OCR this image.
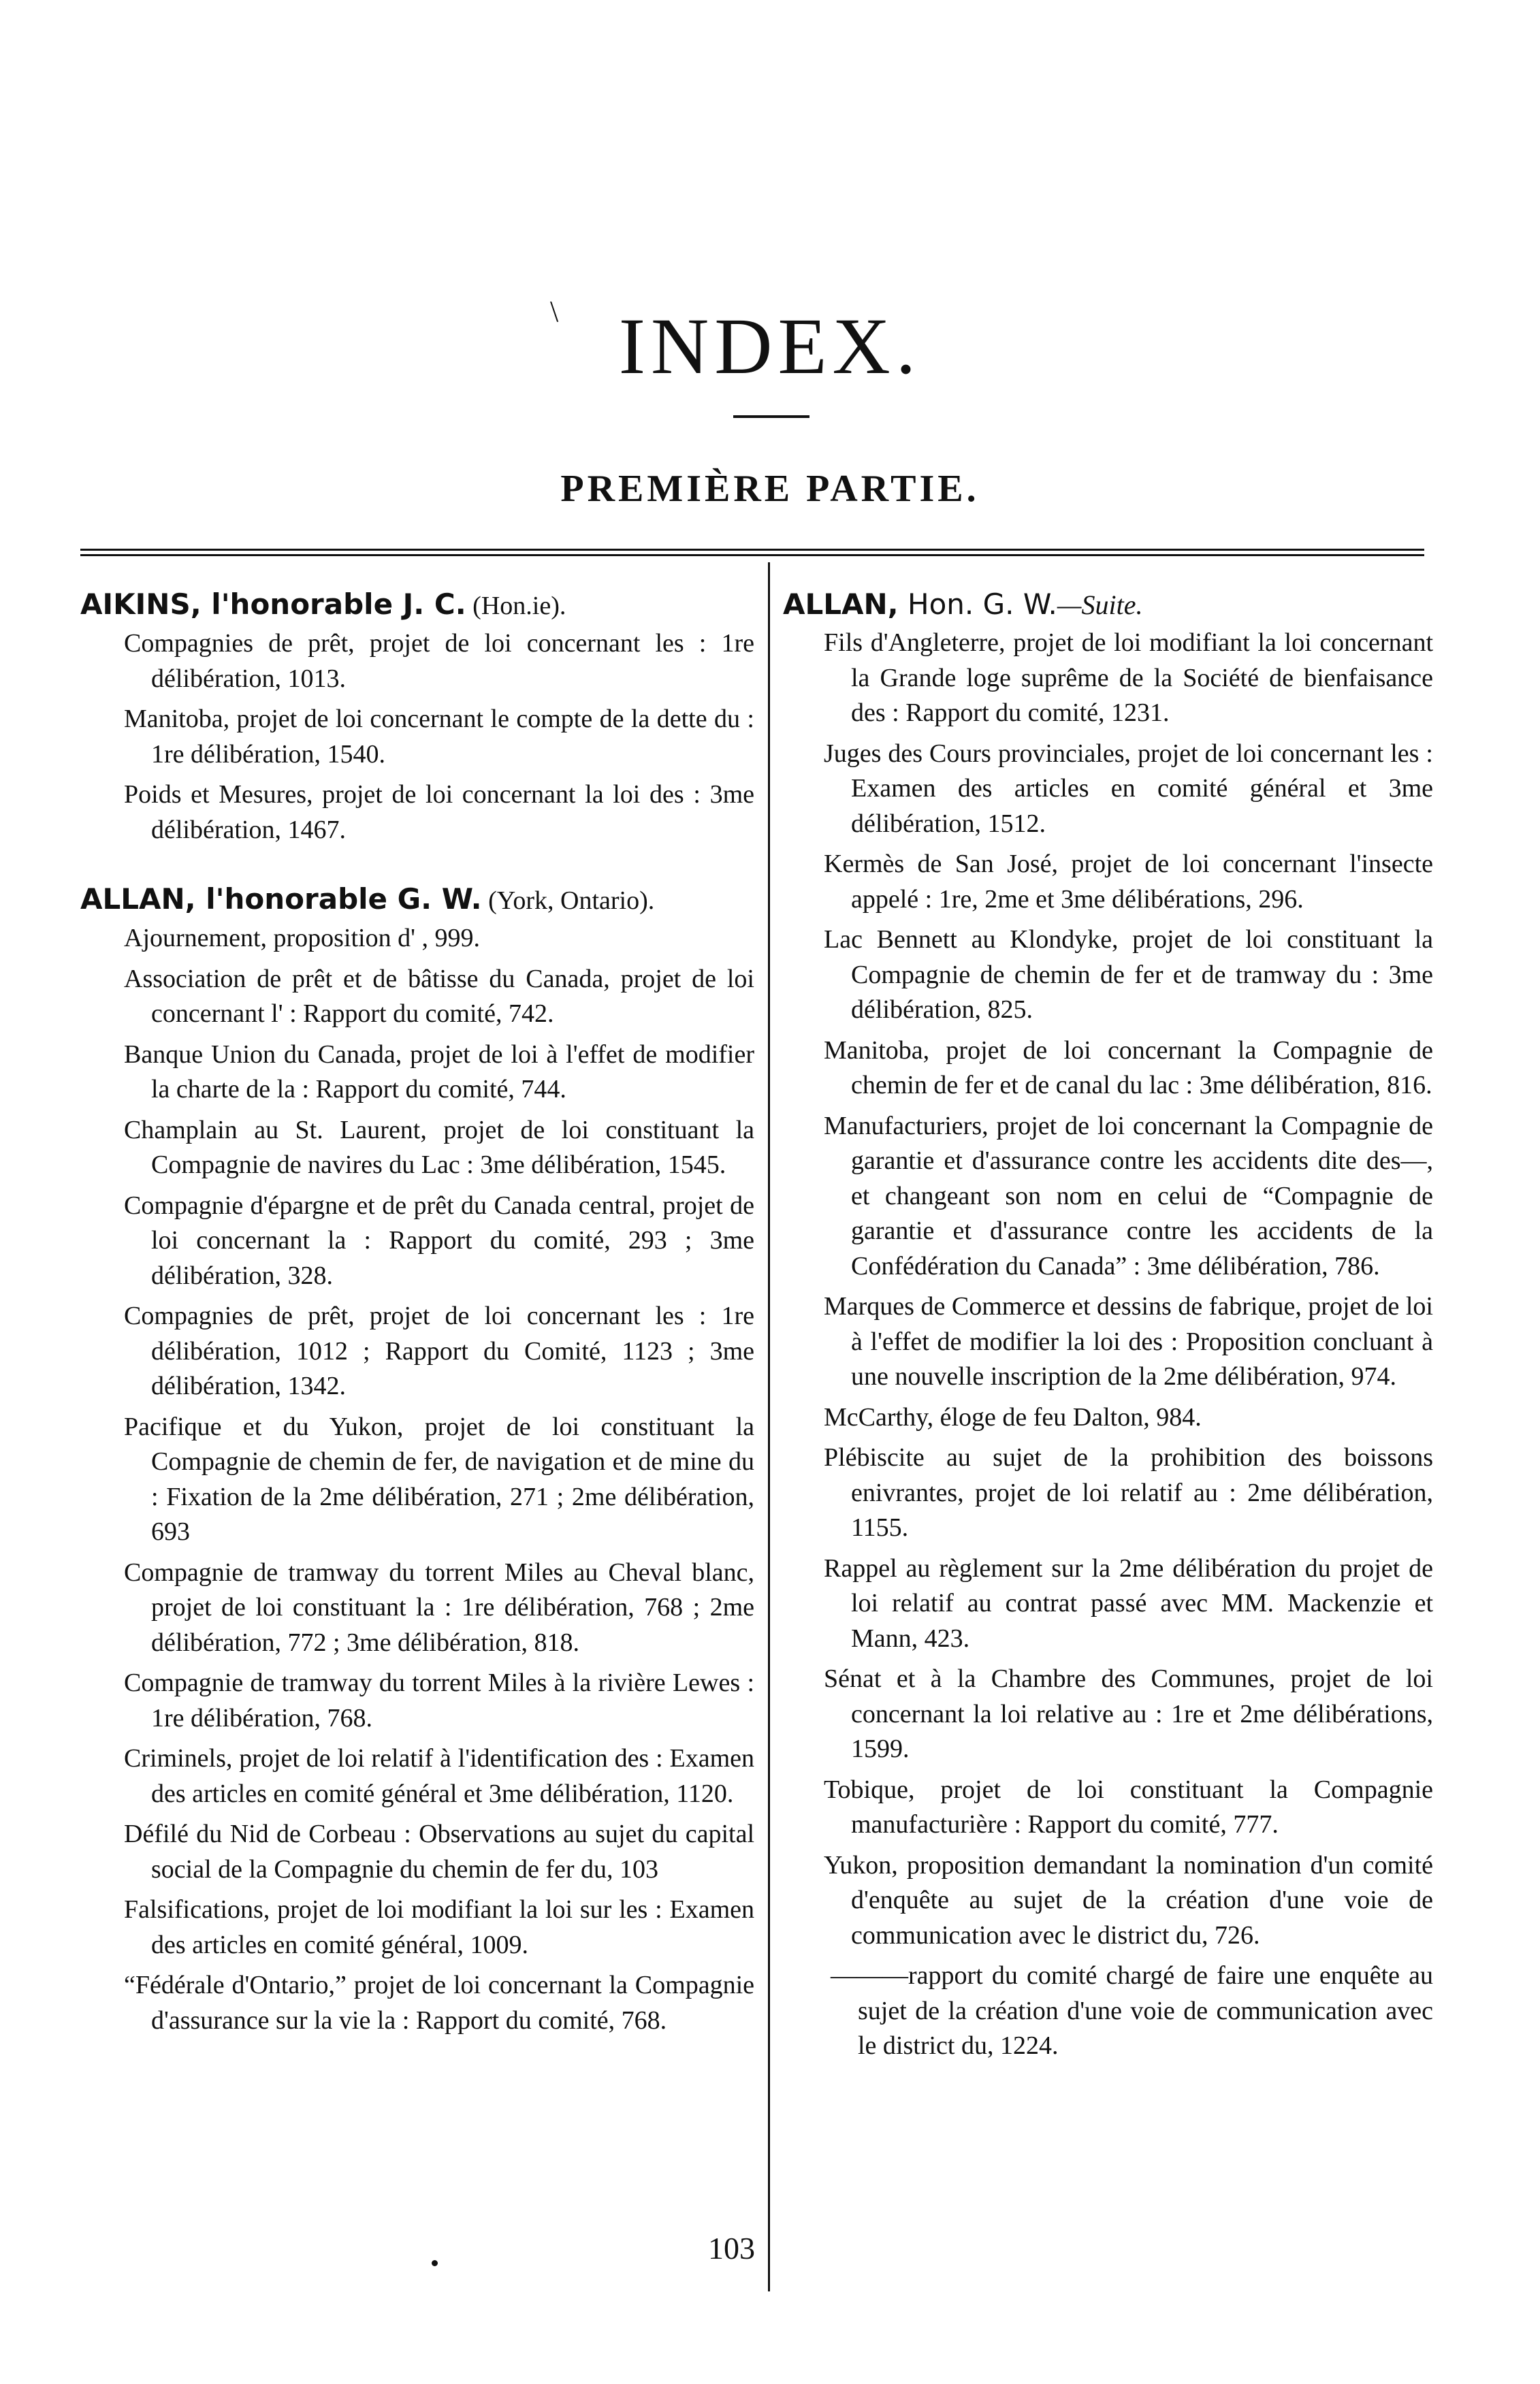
\ INDEX.
PREMIÈRE PARTIE.
AIKINS, l'honorable J. C. (Hon.ie).

Compagnies de prêt, projet de loi concernant les : 1re délibération, 1013.

Manitoba, projet de loi concernant le compte de la dette du : 1re délibération, 1540.

Poids et Mesures, projet de loi concernant la loi des : 3me délibération, 1467.

ALLAN, l'honorable G. W. (York, Ontario).

Ajournement, proposition d' , 999.

Association de prêt et de bâtisse du Canada, projet de loi concernant l' : Rapport du comité, 742.

Banque Union du Canada, projet de loi à l'effet de modifier la charte de la : Rapport du comité, 744.

Champlain au St. Laurent, projet de loi constituant la Compagnie de navires du Lac : 3me délibération, 1545.

Compagnie d'épargne et de prêt du Canada central, projet de loi concernant la : Rapport du comité, 293 ; 3me délibération, 328.

Compagnies de prêt, projet de loi concernant les : 1re délibération, 1012 ; Rapport du Comité, 1123 ; 3me délibération, 1342.

Pacifique et du Yukon, projet de loi constituant la Compagnie de chemin de fer, de navigation et de mine du : Fixation de la 2me délibération, 271 ; 2me délibération, 693

Compagnie de tramway du torrent Miles au Cheval blanc, projet de loi constituant la : 1re délibération, 768 ; 2me délibération, 772 ; 3me délibération, 818.

Compagnie de tramway du torrent Miles à la rivière Lewes : 1re délibération, 768.

Criminels, projet de loi relatif à l'identification des : Examen des articles en comité général et 3me délibération, 1120.

Défilé du Nid de Corbeau : Observations au sujet du capital social de la Compagnie du chemin de fer du, 103

Falsifications, projet de loi modifiant la loi sur les : Examen des articles en comité général, 1009.

“Fédérale d'Ontario,” projet de loi concernant la Compagnie d'assurance sur la vie la : Rapport du comité, 768.

ALLAN, Hon. G. W.—Suite.

Fils d'Angleterre, projet de loi modifiant la loi concernant la Grande loge suprême de la Société de bienfaisance des : Rapport du comité, 1231.

Juges des Cours provinciales, projet de loi concernant les : Examen des articles en comité général et 3me délibération, 1512.

Kermès de San José, projet de loi concernant l'insecte appelé : 1re, 2me et 3me délibérations, 296.

Lac Bennett au Klondyke, projet de loi constituant la Compagnie de chemin de fer et de tramway du : 3me délibération, 825.

Manitoba, projet de loi concernant la Compagnie de chemin de fer et de canal du lac : 3me délibération, 816.

Manufacturiers, projet de loi concernant la Compagnie de garantie et d'assurance contre les accidents dite des—, et changeant son nom en celui de “Compagnie de garantie et d'assurance contre les accidents de la Confédération du Canada” : 3me délibération, 786.

Marques de Commerce et dessins de fabrique, projet de loi à l'effet de modifier la loi des : Proposition concluant à une nouvelle inscription de la 2me délibération, 974.

McCarthy, éloge de feu Dalton, 984.

Plébiscite au sujet de la prohibition des boissons enivrantes, projet de loi relatif au : 2me délibération, 1155.

Rappel au règlement sur la 2me délibération du projet de loi relatif au contrat passé avec MM. Mackenzie et Mann, 423.

Sénat et à la Chambre des Communes, projet de loi concernant la loi relative au : 1re et 2me délibérations, 1599.

Tobique, projet de loi constituant la Compagnie manufacturière : Rapport du comité, 777.

Yukon, proposition demandant la nomination d'un comité d'enquête au sujet de la création d'une voie de communication avec le district du, 726.

———rapport du comité chargé de faire une enquête au sujet de la création d'une voie de communication avec le district du, 1224.

103
